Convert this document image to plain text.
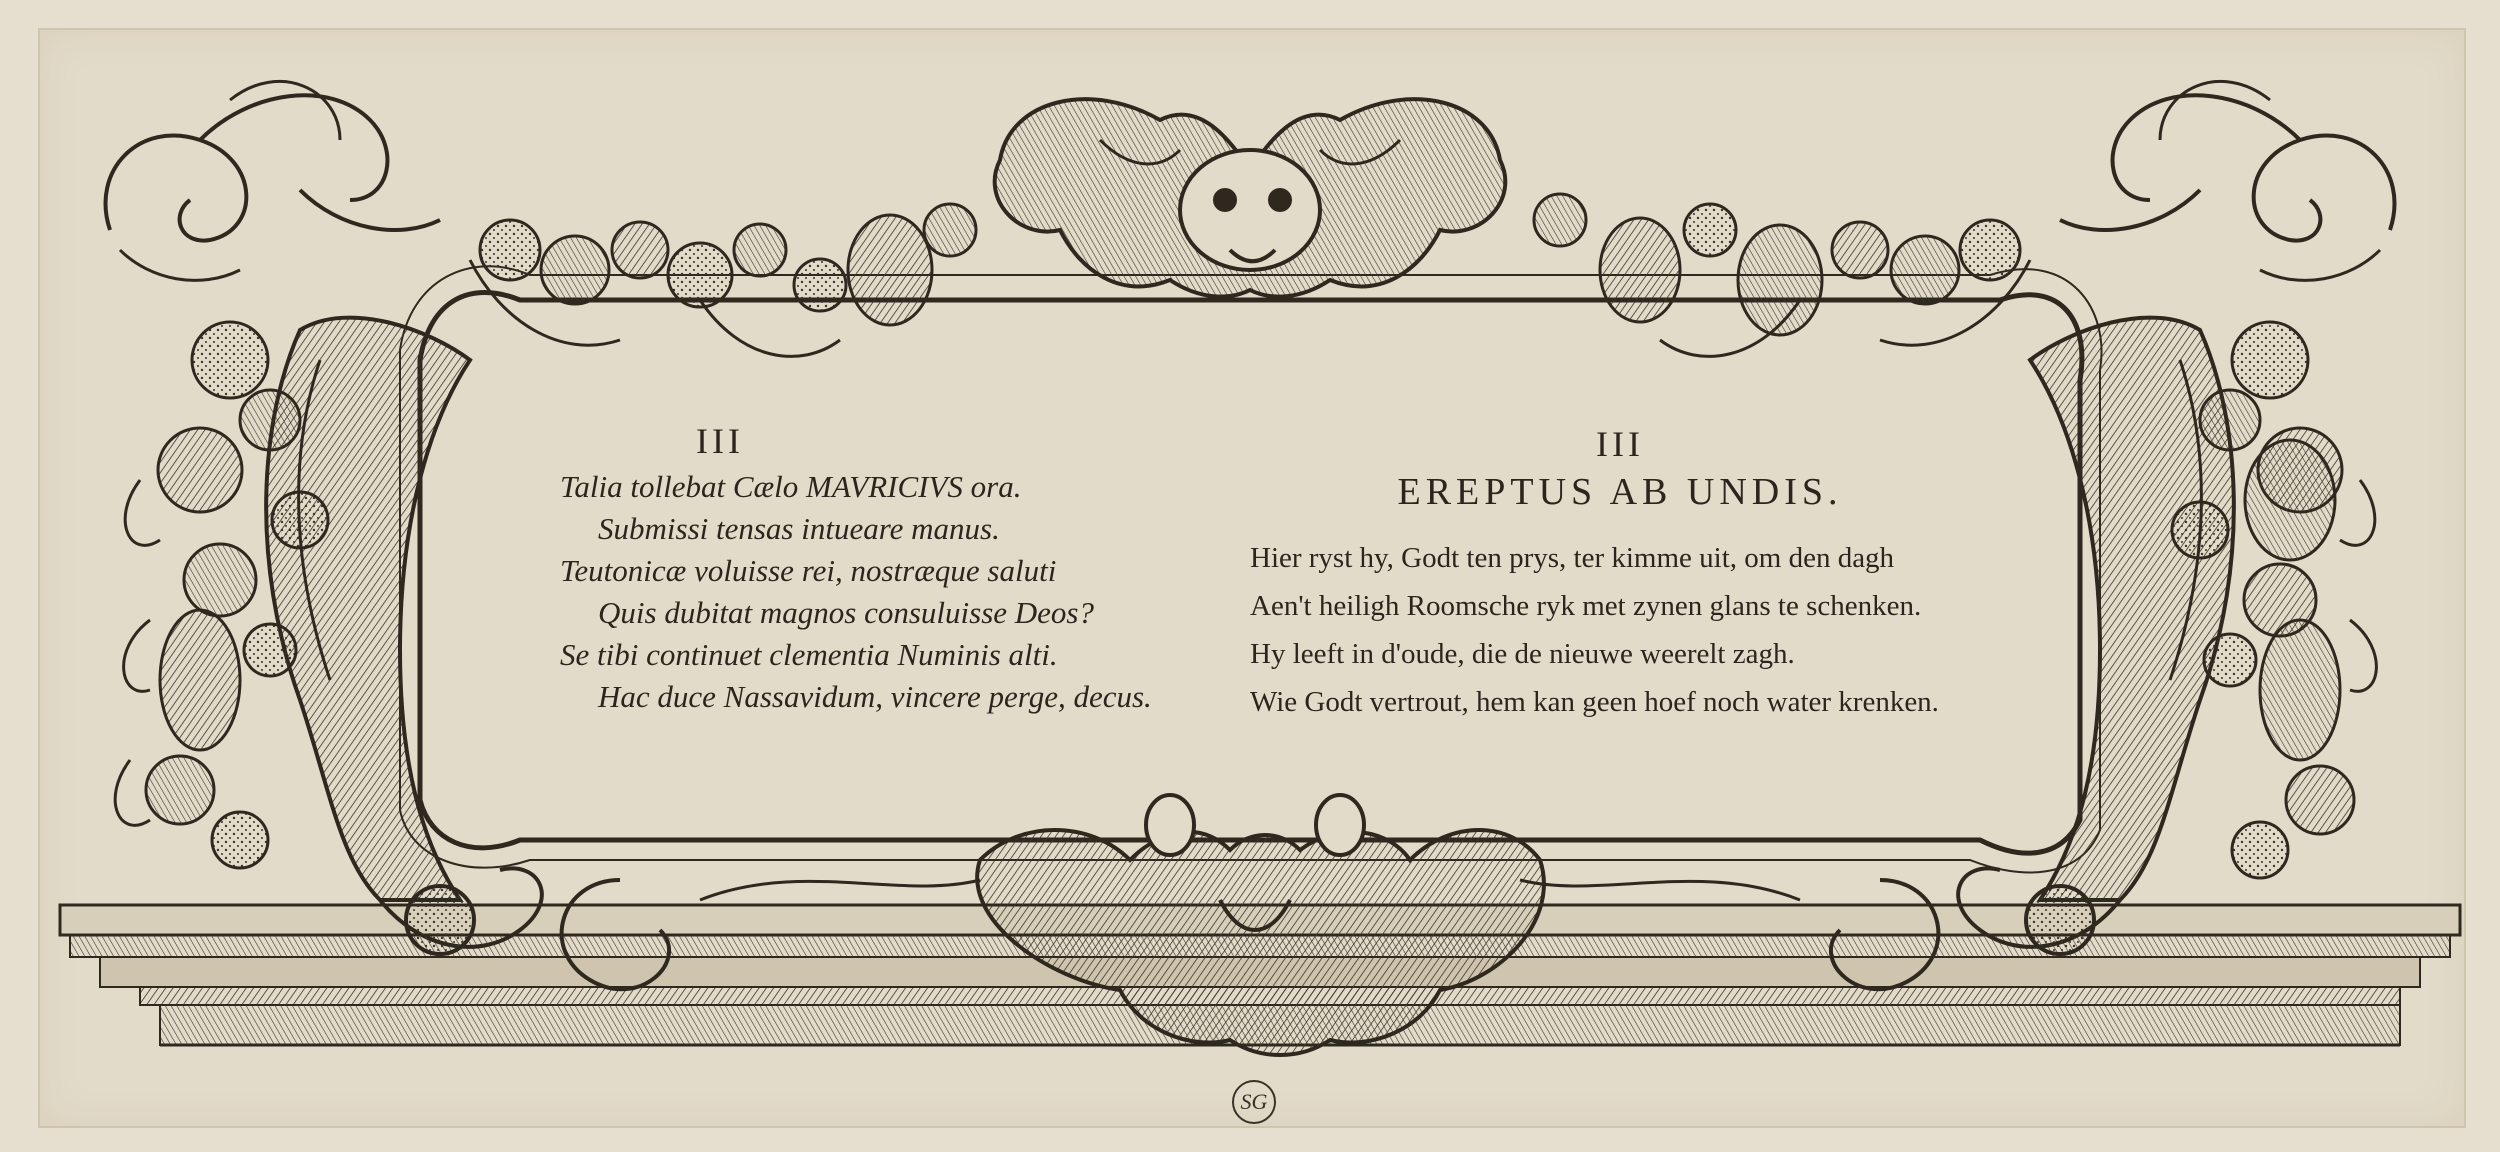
III
Talia tollebat Cælo MAVRICIVS ora.
Submissi tensas intueare manus.
Teutonicæ voluisse rei, nostræque saluti
Quis dubitat magnos consuluisse Deos?
Se tibi continuet clementia Numinis alti.
Hac duce Nassavidum, vincere perge, decus.
III
EREPTUS AB UNDIS.
Hier ryst hy, Godt ten prys, ter kimme uit, om den dagh
Aen't heiligh Roomsche ryk met zynen glans te schenken.
Hy leeft in d'oude, die de nieuwe weerelt zagh.
Wie Godt vertrout, hem kan geen hoef noch water krenken.
SG
